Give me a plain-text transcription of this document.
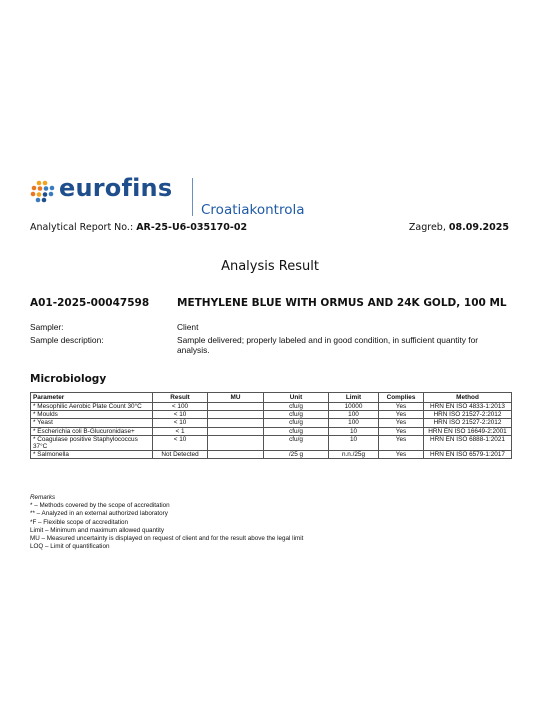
eurofins
Croatiakontrola
Analytical Report No.: AR-25-U6-035170-02	Zagreb, 08.09.2025
Analysis Result
A01-2025-00047598	METHYLENE BLUE WITH ORMUS AND 24K GOLD, 100 ML
Sampler:	Client
Sample description:	Sample delivered; properly labeled and in good condition, in sufficient quantity for analysis.
Microbiology
Parameter	Result	MU	Unit	Limit	Complies	Method
* Mesophilic Aerobic Plate Count 30°C	< 100		cfu/g	10000	Yes	HRN EN ISO 4833-1:2013
* Moulds	< 10		cfu/g	100	Yes	HRN ISO 21527-2:2012
* Yeast	< 10		cfu/g	100	Yes	HRN ISO 21527-2:2012
* Escherichia coli B-Glucuronidase+	< 1		cfu/g	10	Yes	HRN EN ISO 16649-2:2001
* Coagulase positive Staphylococcus 37°C	< 10		cfu/g	10	Yes	HRN EN ISO 6888-1:2021
* Salmonella	Not Detected		/25 g	n.n./25g	Yes	HRN EN ISO 6579-1:2017
Remarks
* – Methods covered by the scope of accreditation
** – Analyzed in an external authorized laboratory
*F – Flexible scope of accreditation
Limit – Minimum and maximum allowed quantity
MU – Measured uncertainty is displayed on request of client and for the result above the legal limit
LOQ – Limit of quantification
